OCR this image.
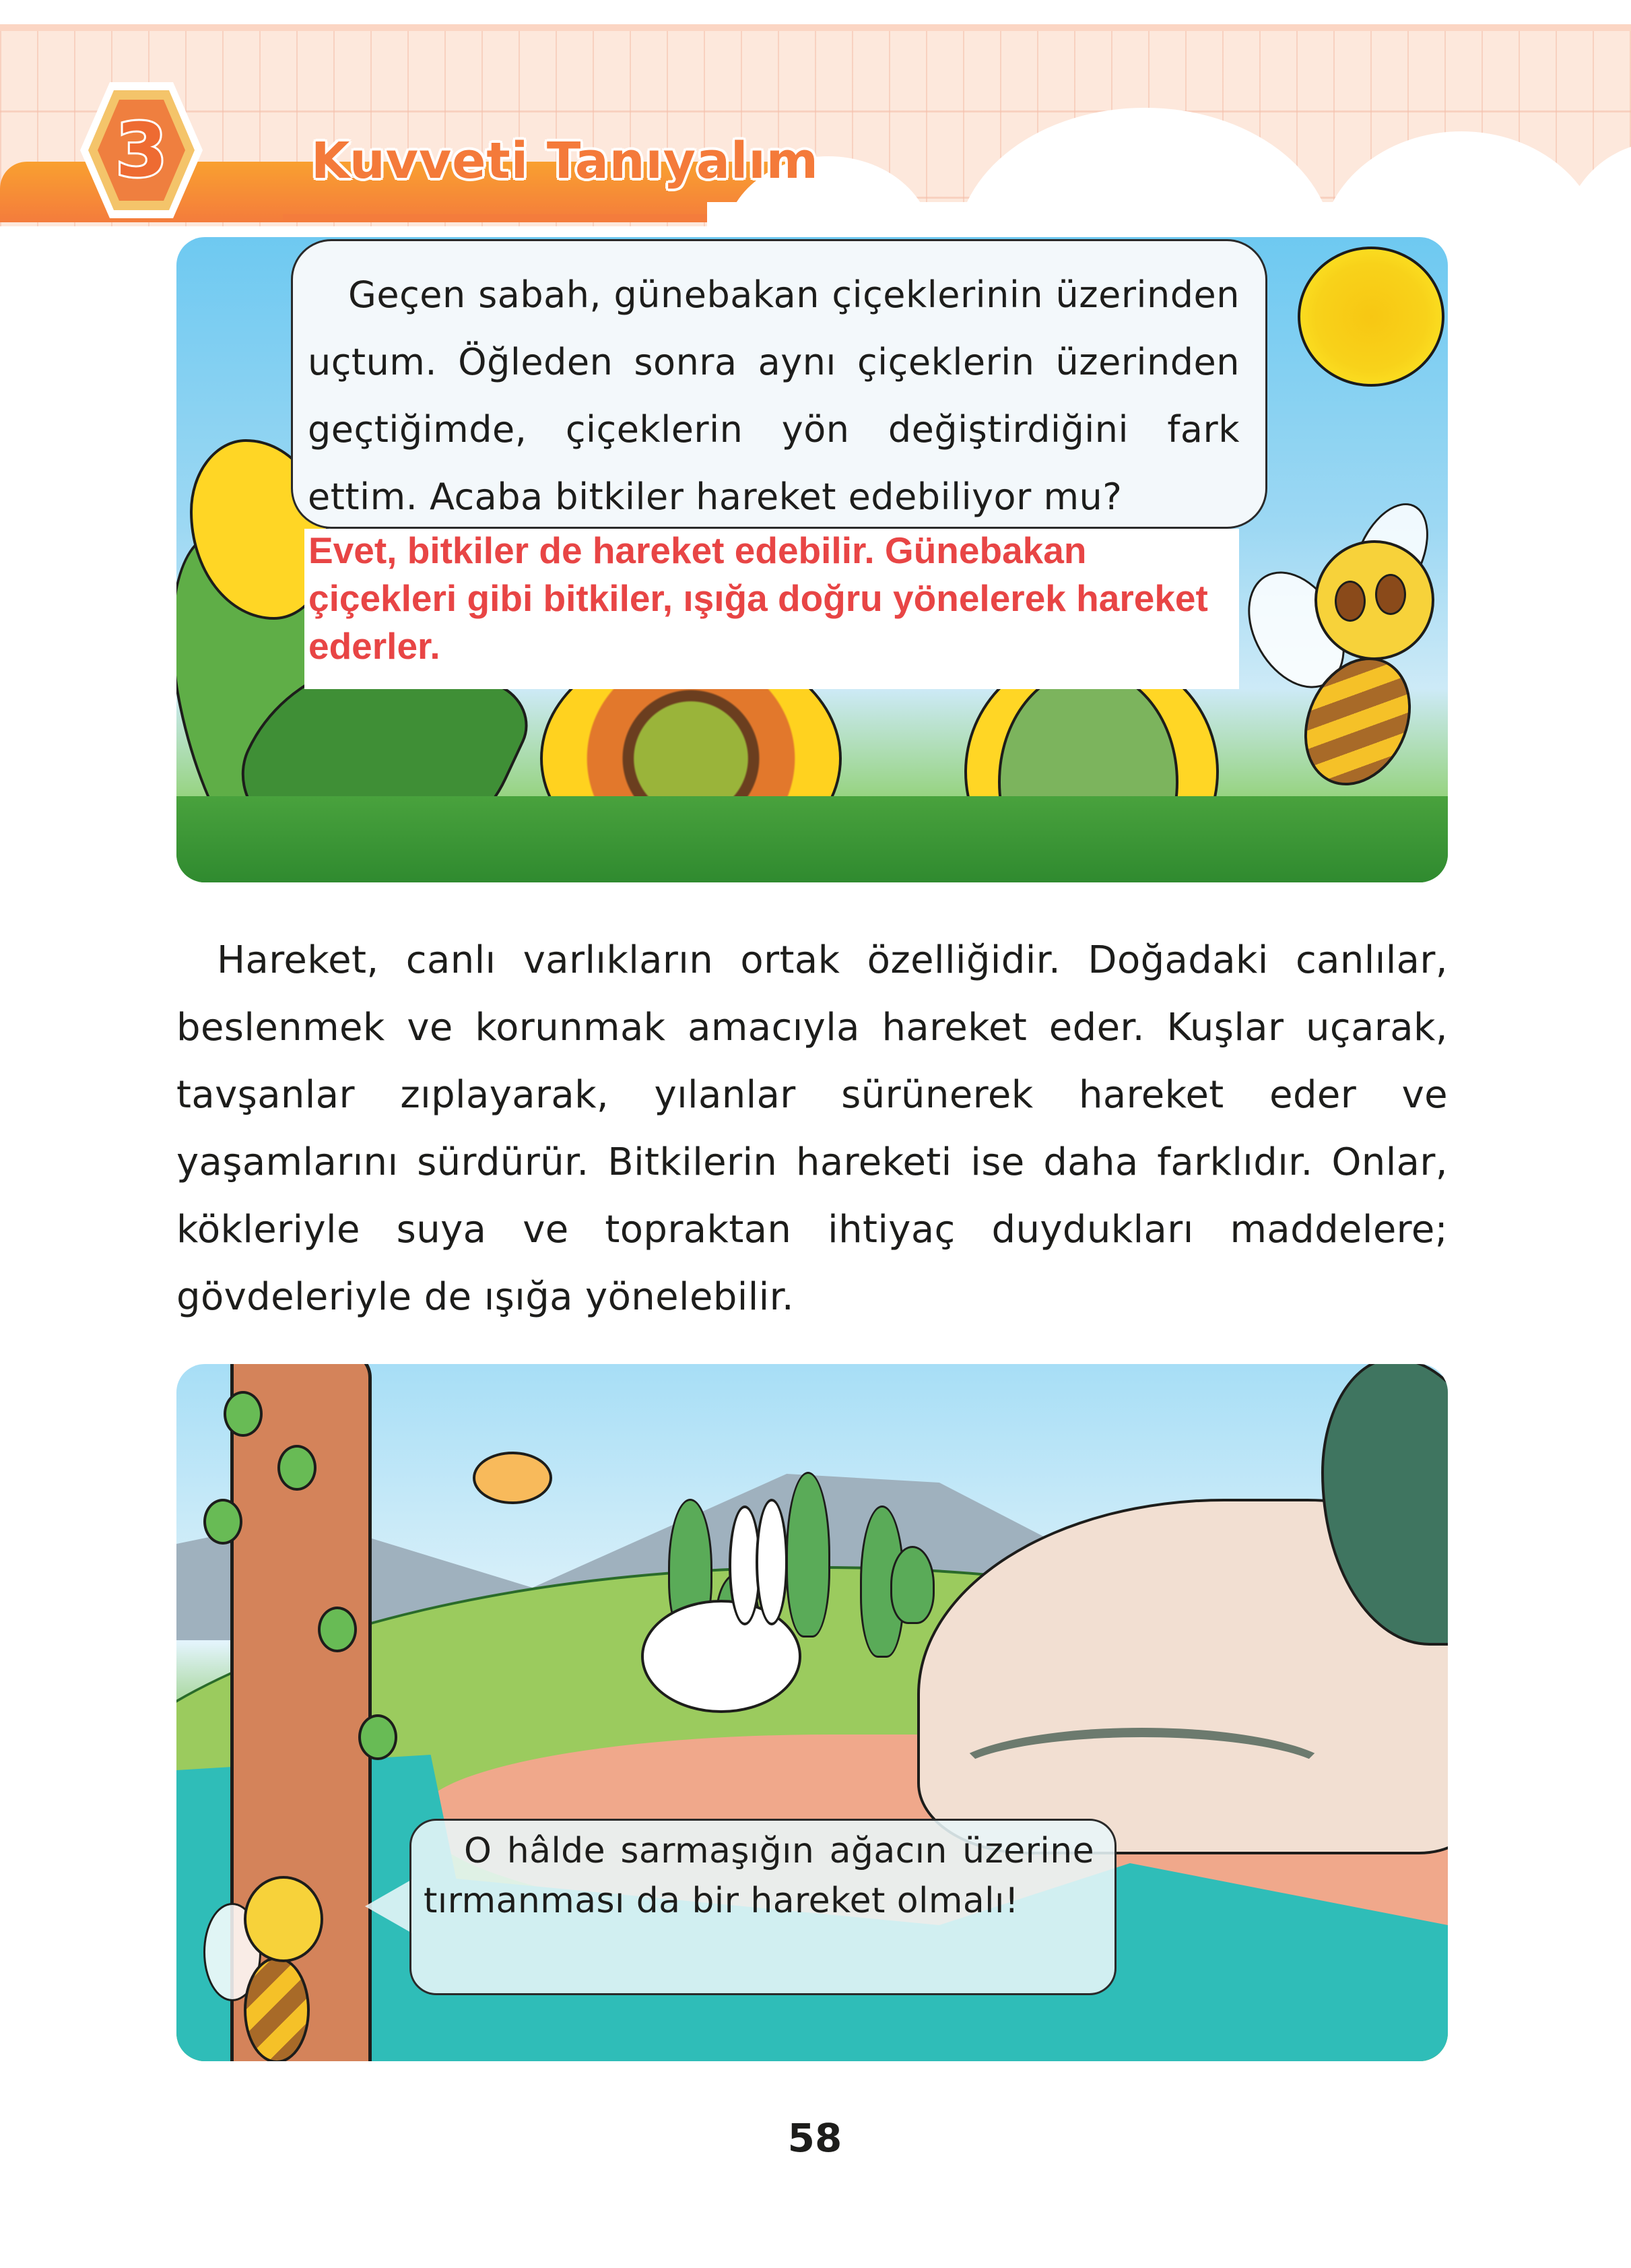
3	Kuvveti Tanıyalım
Geçen sabah, günebakan çiçeklerinin üzerinden uçtum. Öğleden sonra aynı çiçeklerin üzerinden geçtiğimde, çiçeklerin yön değiştirdiğini fark ettim. Acaba bitkiler hareket edebiliyor mu?
Evet, bitkiler de hareket edebilir. Günebakan çiçekleri gibi bitkiler, ışığa doğru yönelerek hareket ederler.
Hareket, canlı varlıkların ortak özelliğidir. Doğadaki canlılar, beslenmek ve korunmak amacıyla hareket eder. Kuşlar uçarak, tavşanlar zıplayarak, yılanlar sürünerek hareket eder ve yaşamlarını sürdürür. Bitkilerin hareketi ise daha farklıdır. Onlar, kökleriyle suya ve topraktan ihtiyaç duydukları maddelere; gövdeleriyle de ışığa yönelebilir.
O hâlde sarmaşığın ağacın üzerine tırmanması da bir hareket olmalı!
58
